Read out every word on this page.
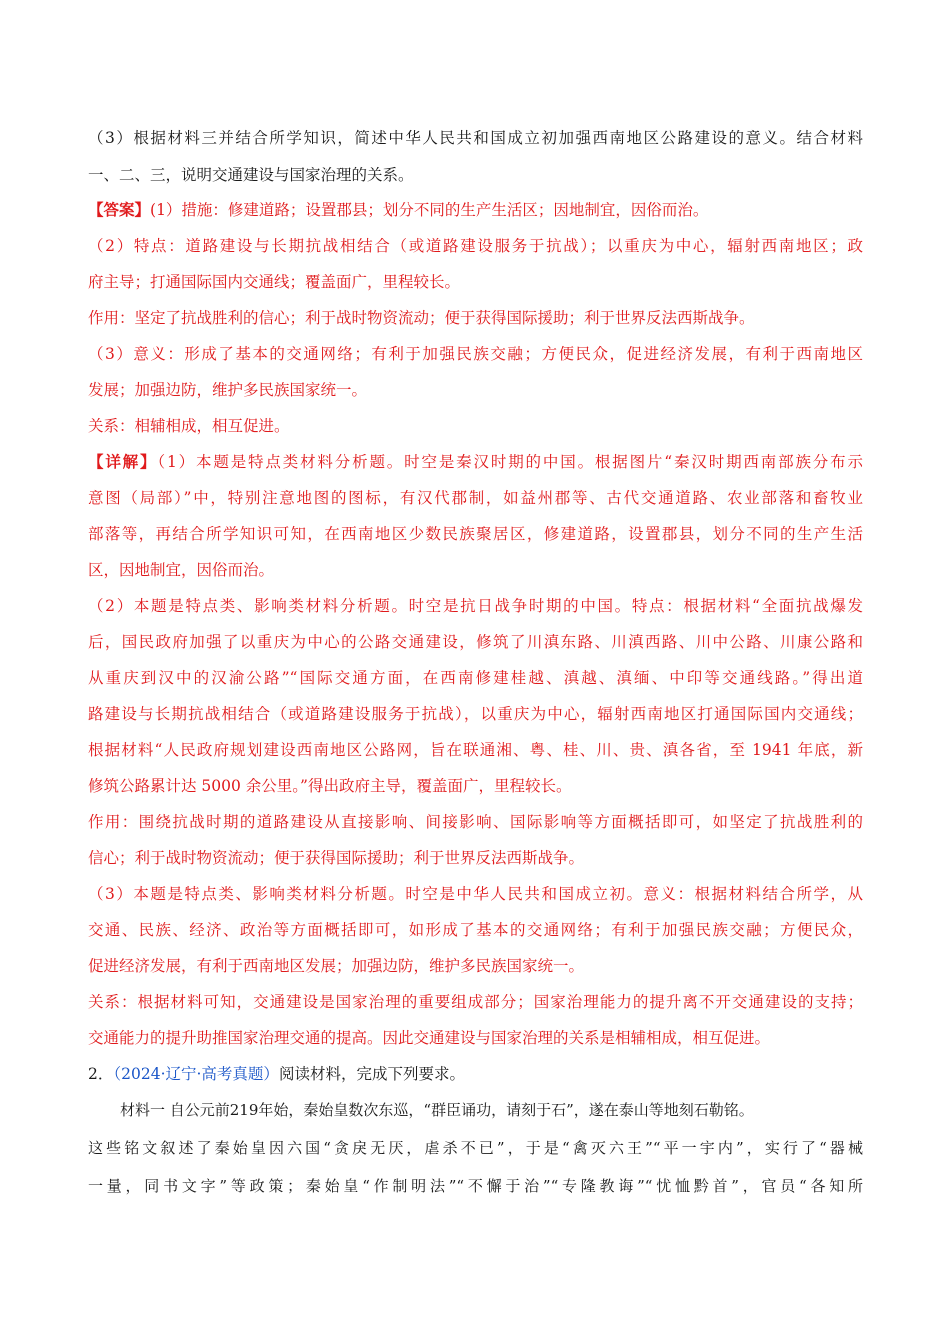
（3）根据材料三并结合所学知识，简述中华人民共和国成立初加强西南地区公路建设的意义。结合材料
一、二、三，说明交通建设与国家治理的关系。
【答案】(1）措施：修建道路；设置郡县；划分不同的生产生活区；因地制宜，因俗而治。
（2）特点：道路建设与长期抗战相结合（或道路建设服务于抗战）；以重庆为中心，辐射西南地区；政
府主导；打通国际国内交通线；覆盖面广，里程较长。
作用：坚定了抗战胜利的信心；利于战时物资流动；便于获得国际援助；利于世界反法西斯战争。
（3）意义：形成了基本的交通网络；有利于加强民族交融；方便民众，促进经济发展，有利于西南地区
发展；加强边防，维护多民族国家统一。
关系：相辅相成，相互促进。
【详解】（1）本题是特点类材料分析题。时空是秦汉时期的中国。根据图片“秦汉时期西南部族分布示
意图（局部）”中，特别注意地图的图标，有汉代郡制，如益州郡等、古代交通道路、农业部落和畜牧业
部落等，再结合所学知识可知，在西南地区少数民族聚居区，修建道路，设置郡县，划分不同的生产生活
区，因地制宜，因俗而治。
（2）本题是特点类、影响类材料分析题。时空是抗日战争时期的中国。特点：根据材料“全面抗战爆发
后，国民政府加强了以重庆为中心的公路交通建设，修筑了川滇东路、川滇西路、川中公路、川康公路和
从重庆到汉中的汉渝公路”“国际交通方面，在西南修建桂越、滇越、滇缅、中印等交通线路。”得出道
路建设与长期抗战相结合（或道路建设服务于抗战），以重庆为中心，辐射西南地区打通国际国内交通线；
根据材料“人民政府规划建设西南地区公路网，旨在联通湘、粤、桂、川、贵、滇各省，至 1941 年底，新
修筑公路累计达 5000 余公里。”得出政府主导，覆盖面广，里程较长。
作用：围绕抗战时期的道路建设从直接影响、间接影响、国际影响等方面概括即可，如坚定了抗战胜利的
信心；利于战时物资流动；便于获得国际援助；利于世界反法西斯战争。
（3）本题是特点类、影响类材料分析题。时空是中华人民共和国成立初。意义：根据材料结合所学，从
交通、民族、经济、政治等方面概括即可，如形成了基本的交通网络；有利于加强民族交融；方便民众，
促进经济发展，有利于西南地区发展；加强边防，维护多民族国家统一。
关系：根据材料可知，交通建设是国家治理的重要组成部分；国家治理能力的提升离不开交通建设的支持；
交通能力的提升助推国家治理交通的提高。因此交通建设与国家治理的关系是相辅相成，相互促进。
2．（2024·辽宁·高考真题）阅读材料，完成下列要求。
材料一 自公元前219年始，秦始皇数次东巡，“群臣诵功，请刻于石”，遂在泰山等地刻石勒铭。
这些铭文叙述了秦始皇因六国“贪戾无厌，虐杀不已”，于是“禽灭六王”“平一宇内”，实行了“器械
一量，同书文字”等政策；秦始皇“作制明法”“不懈于治”“专隆教诲”“忧恤黔首”，官员“各知所
